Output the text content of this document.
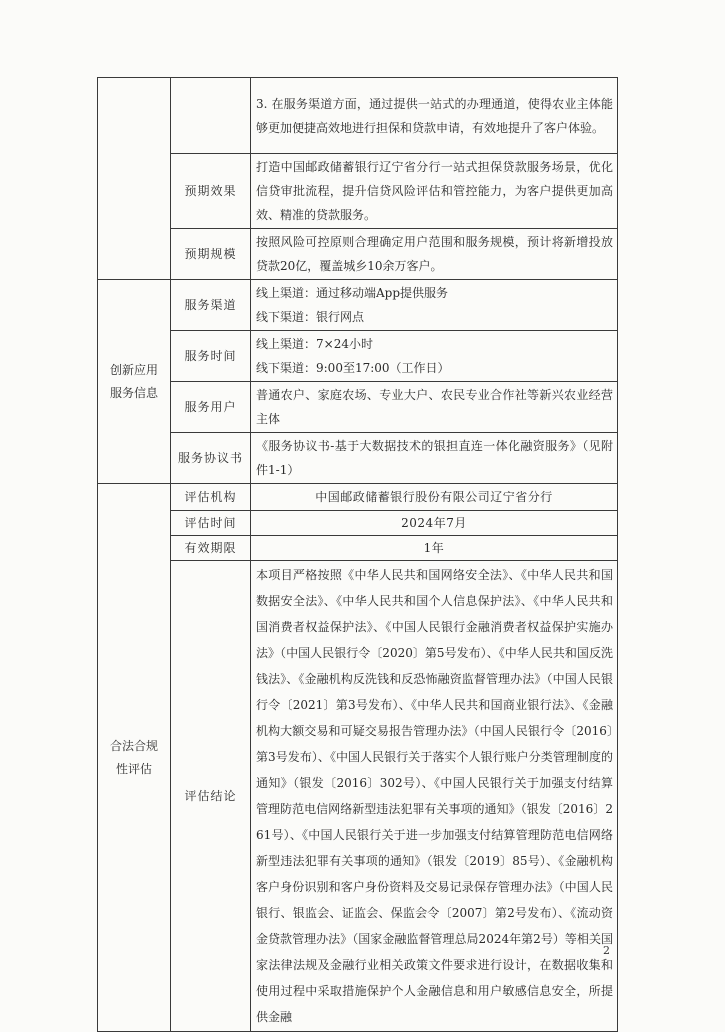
		3. 在服务渠道方面，通过提供一站式的办理通道，使得农业主体能够更加便捷高效地进行担保和贷款申请，有效地提升了客户体验。

	预期效果	打造中国邮政储蓄银行辽宁省分行一站式担保贷款服务场景，优化信贷审批流程，提升信贷风险评估和管控能力，为客户提供更加高效、精准的贷款服务。

	预期规模	按照风险可控原则合理确定用户范围和服务规模，预计将新增投放贷款20亿，覆盖城乡10余万客户。

创新应用服务信息	服务渠道	线上渠道：通过移动端App提供服务
线下渠道：银行网点

	服务时间	线上渠道：7×24小时
线下渠道：9:00至17:00（工作日）

	服务用户	普通农户、家庭农场、专业大户、农民专业合作社等新兴农业经营主体

	服务协议书	《服务协议书-基于大数据技术的银担直连一体化融资服务》（见附件1-1）

合法合规性评估	评估机构	中国邮政储蓄银行股份有限公司辽宁省分行
	评估时间	2024年7月
	有效期限	1年
	评估结论	本项目严格按照《中华人民共和国网络安全法》、《中华人民共和国数据安全法》、《中华人民共和国个人信息保护法》、《中华人民共和国消费者权益保护法》、《中国人民银行金融消费者权益保护实施办法》（中国人民银行令〔2020〕第5号发布）、《中华人民共和国反洗钱法》、《金融机构反洗钱和反恐怖融资监督管理办法》（中国人民银行令〔2021〕第3号发布）、《中华人民共和国商业银行法》、《金融机构大额交易和可疑交易报告管理办法》（中国人民银行令〔2016〕第3号发布）、《中国人民银行关于落实个人银行账户分类管理制度的通知》（银发〔2016〕302号）、《中国人民银行关于加强支付结算管理防范电信网络新型违法犯罪有关事项的通知》（银发〔2016〕261号）、《中国人民银行关于进一步加强支付结算管理防范电信网络新型违法犯罪有关事项的通知》（银发〔2019〕85号）、《金融机构客户身份识别和客户身份资料及交易记录保存管理办法》（中国人民银行、银监会、证监会、保监会令〔2007〕第2号发布）、《流动资金贷款管理办法》（国家金融监督管理总局2024年第2号）等相关国家法律法规及金融行业相关政策文件要求进行设计，在数据收集和使用过程中采取措施保护个人金融信息和用户敏感信息安全，所提供金融
2
